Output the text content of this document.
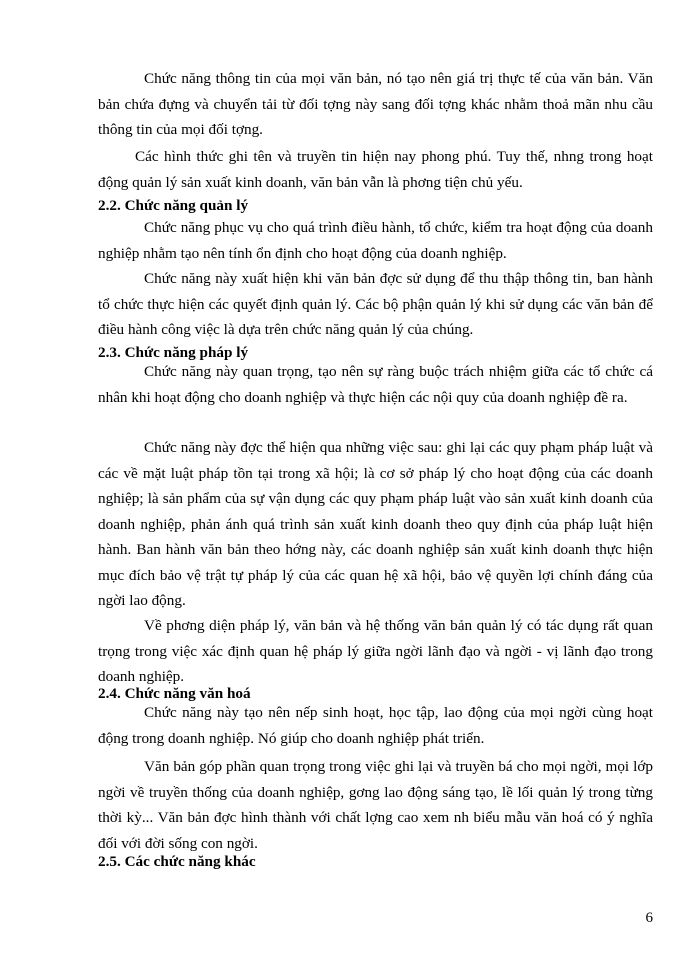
Chức năng thông tin của mọi văn bản, nó tạo nên giá trị thực tế của văn bản. Văn bản chứa đựng và chuyển tải từ đối tợng này sang đối tợng khác nhằm thoả mãn nhu cầu thông tin của mọi đối tợng.

Các hình thức ghi tên và truyền tin hiện nay phong phú. Tuy thế, nhng trong hoạt động quản lý sản xuất kinh doanh, văn bản vẫn là phơng tiện chủ yếu.

2.2. Chức năng quản lý

Chức năng phục vụ cho quá trình điều hành, tổ chức, kiểm tra hoạt động của doanh nghiệp nhằm tạo nên tính ổn định cho hoạt động của doanh nghiệp.

Chức năng này xuất hiện khi văn bản đợc sử dụng để thu thập thông tin, ban hành tổ chức thực hiện các quyết định quản lý. Các bộ phận quản lý khi sử dụng các văn bản để điều hành công việc là dựa trên chức năng quản lý của chúng.

2.3. Chức năng pháp lý

Chức năng này quan trọng, tạo nên sự ràng buộc trách nhiệm giữa các tổ chức cá nhân khi hoạt động cho doanh nghiệp và thực hiện các nội quy của doanh nghiệp đề ra.

Chức năng này đợc thể hiện qua những việc sau: ghi lại các quy phạm pháp luật và các về mặt luật pháp tồn tại trong xã hội; là cơ sở pháp lý cho hoạt động của các doanh nghiệp; là sản phẩm của sự vận dụng các quy phạm pháp luật vào sản xuất kinh doanh của doanh nghiệp, phản ánh quá trình sản xuất kinh doanh theo quy định của pháp luật hiện hành. Ban hành văn bản theo hớng này, các doanh nghiệp sản xuất kinh doanh thực hiện mục đích bảo vệ trật tự pháp lý của các quan hệ xã hội, bảo vệ quyền lợi chính đáng của ngời lao động.

Về phơng diện pháp lý, văn bản và hệ thống văn bản quản lý có tác dụng rất quan trọng trong việc xác định quan hệ pháp lý giữa ngời lãnh đạo và ngời - vị lãnh đạo trong doanh nghiệp.

2.4. Chức năng văn hoá

Chức năng này tạo nên nếp sinh hoạt, học tập, lao động của mọi ngời cùng hoạt động trong doanh nghiệp. Nó giúp cho doanh nghiệp phát triển.

Văn bản góp phần quan trọng trong việc ghi lại và truyền bá cho mọi ngời, mọi lớp ngời về truyền thống của doanh nghiệp, gơng lao động sáng tạo, lề lối quản lý trong từng thời kỳ... Văn bản đợc hình thành với chất lợng cao xem nh biểu mẫu văn hoá có ý nghĩa đối với đời sống con ngời.

2.5. Các chức năng khác
6
